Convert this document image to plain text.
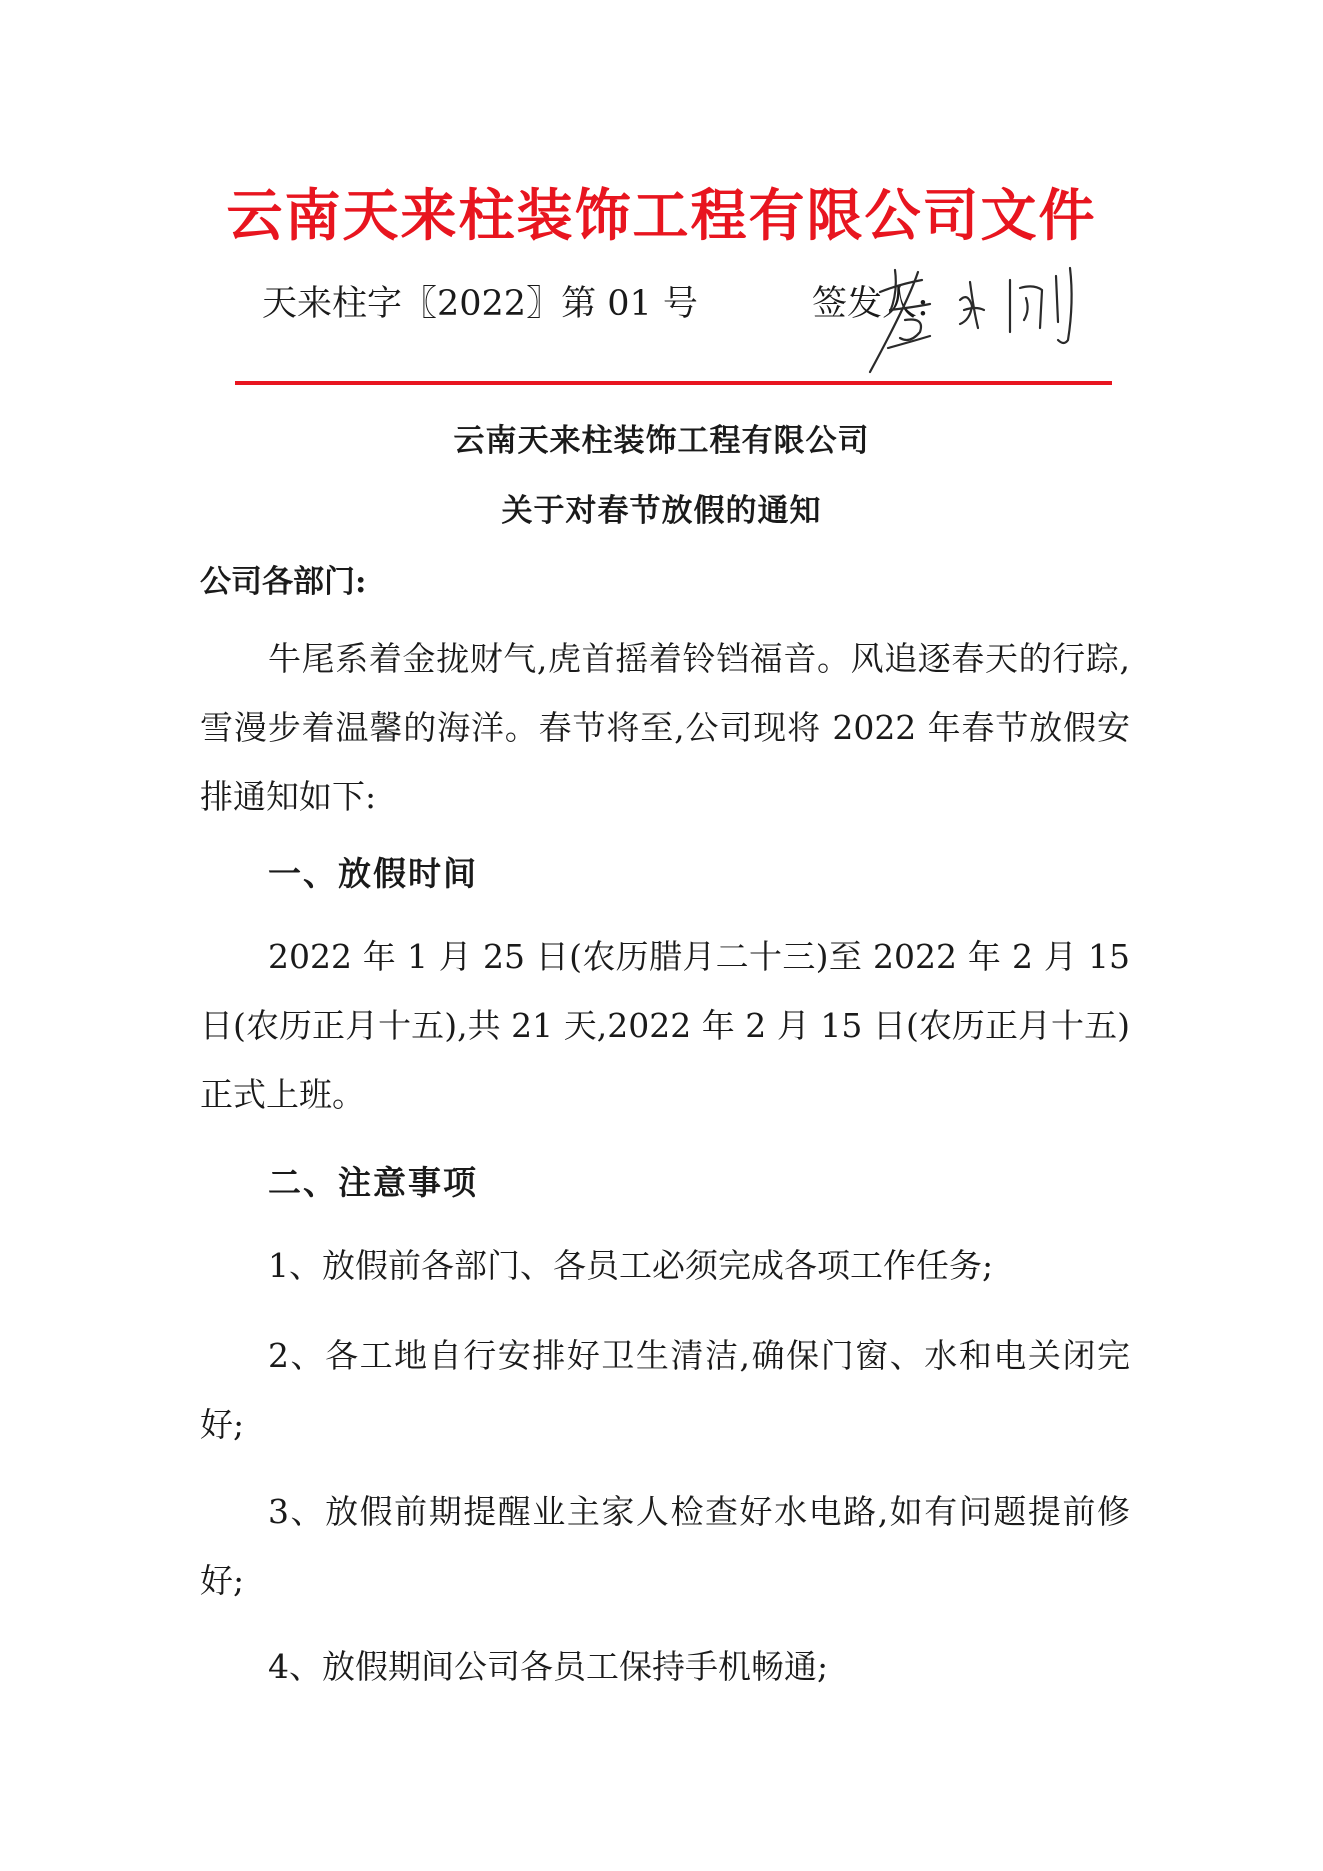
云南天来柱装饰工程有限公司文件
天来柱字〖2022〗第 01 号	签发人:
云南天来柱装饰工程有限公司
关于对春节放假的通知

公司各部门:

牛尾系着金拢财气,虎首摇着铃铛福音。风追逐春天的行踪,雪漫步着温馨的海洋。春节将至,公司现将 2022 年春节放假安排通知如下:

一、放假时间

2022 年 1 月 25 日(农历腊月二十三)至 2022 年 2 月 15 日(农历正月十五),共 21 天,2022 年 2 月 15 日(农历正月十五)正式上班。

二、注意事项

1、放假前各部门、各员工必须完成各项工作任务;

2、各工地自行安排好卫生清洁,确保门窗、水和电关闭完好;

3、放假前期提醒业主家人检查好水电路,如有问题提前修好;

4、放假期间公司各员工保持手机畅通;
